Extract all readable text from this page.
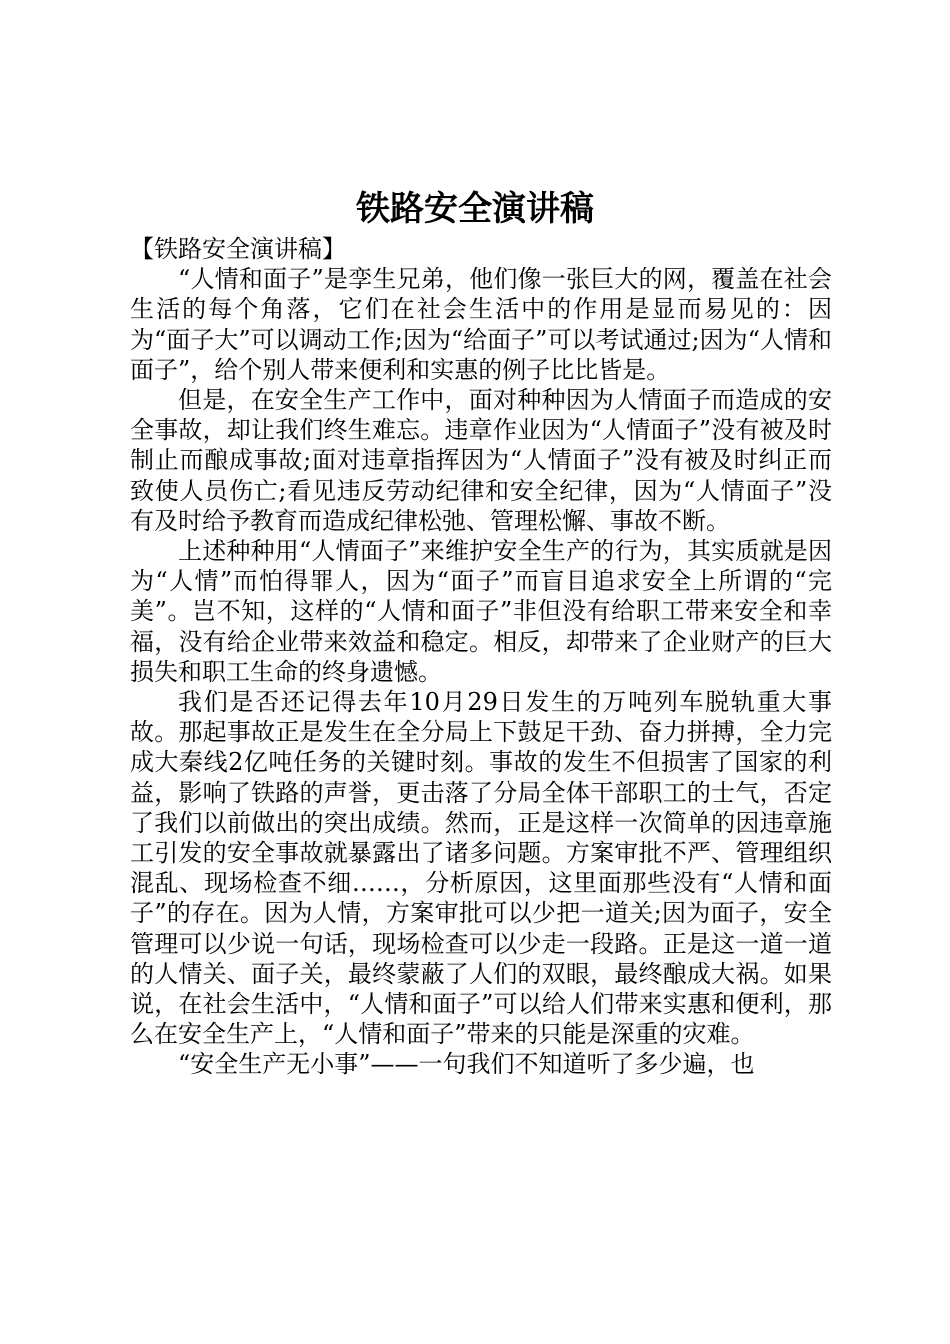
铁路安全演讲稿

【铁路安全演讲稿】

“人情和面子”是孪生兄弟，他们像一张巨大的网，覆盖在社会生活的每个角落，它们在社会生活中的作用是显而易见的：因为“面子大”可以调动工作;因为“给面子”可以考试通过;因为“人情和面子”，给个别人带来便利和实惠的例子比比皆是。

但是，在安全生产工作中，面对种种因为人情面子而造成的安全事故，却让我们终生难忘。违章作业因为“人情面子”没有被及时制止而酿成事故;面对违章指挥因为“人情面子”没有被及时纠正而致使人员伤亡;看见违反劳动纪律和安全纪律，因为“人情面子”没有及时给予教育而造成纪律松弛、管理松懈、事故不断。

上述种种用“人情面子”来维护安全生产的行为，其实质就是因为“人情”而怕得罪人，因为“面子”而盲目追求安全上所谓的“完美”。岂不知，这样的“人情和面子”非但没有给职工带来安全和幸福，没有给企业带来效益和稳定。相反，却带来了企业财产的巨大损失和职工生命的终身遗憾。

我们是否还记得去年10月29日发生的万吨列车脱轨重大事故。那起事故正是发生在全分局上下鼓足干劲、奋力拼搏，全力完成大秦线2亿吨任务的关键时刻。事故的发生不但损害了国家的利益，影响了铁路的声誉，更击落了分局全体干部职工的士气，否定了我们以前做出的突出成绩。然而，正是这样一次简单的因违章施工引发的安全事故就暴露出了诸多问题。方案审批不严、管理组织混乱、现场检查不细……，分析原因，这里面那些没有“人情和面子”的存在。因为人情，方案审批可以少把一道关;因为面子，安全管理可以少说一句话，现场检查可以少走一段路。正是这一道一道的人情关、面子关，最终蒙蔽了人们的双眼，最终酿成大祸。如果说，在社会生活中，“人情和面子”可以给人们带来实惠和便利，那么在安全生产上，“人情和面子”带来的只能是深重的灾难。

“安全生产无小事”——一句我们不知道听了多少遍，也
